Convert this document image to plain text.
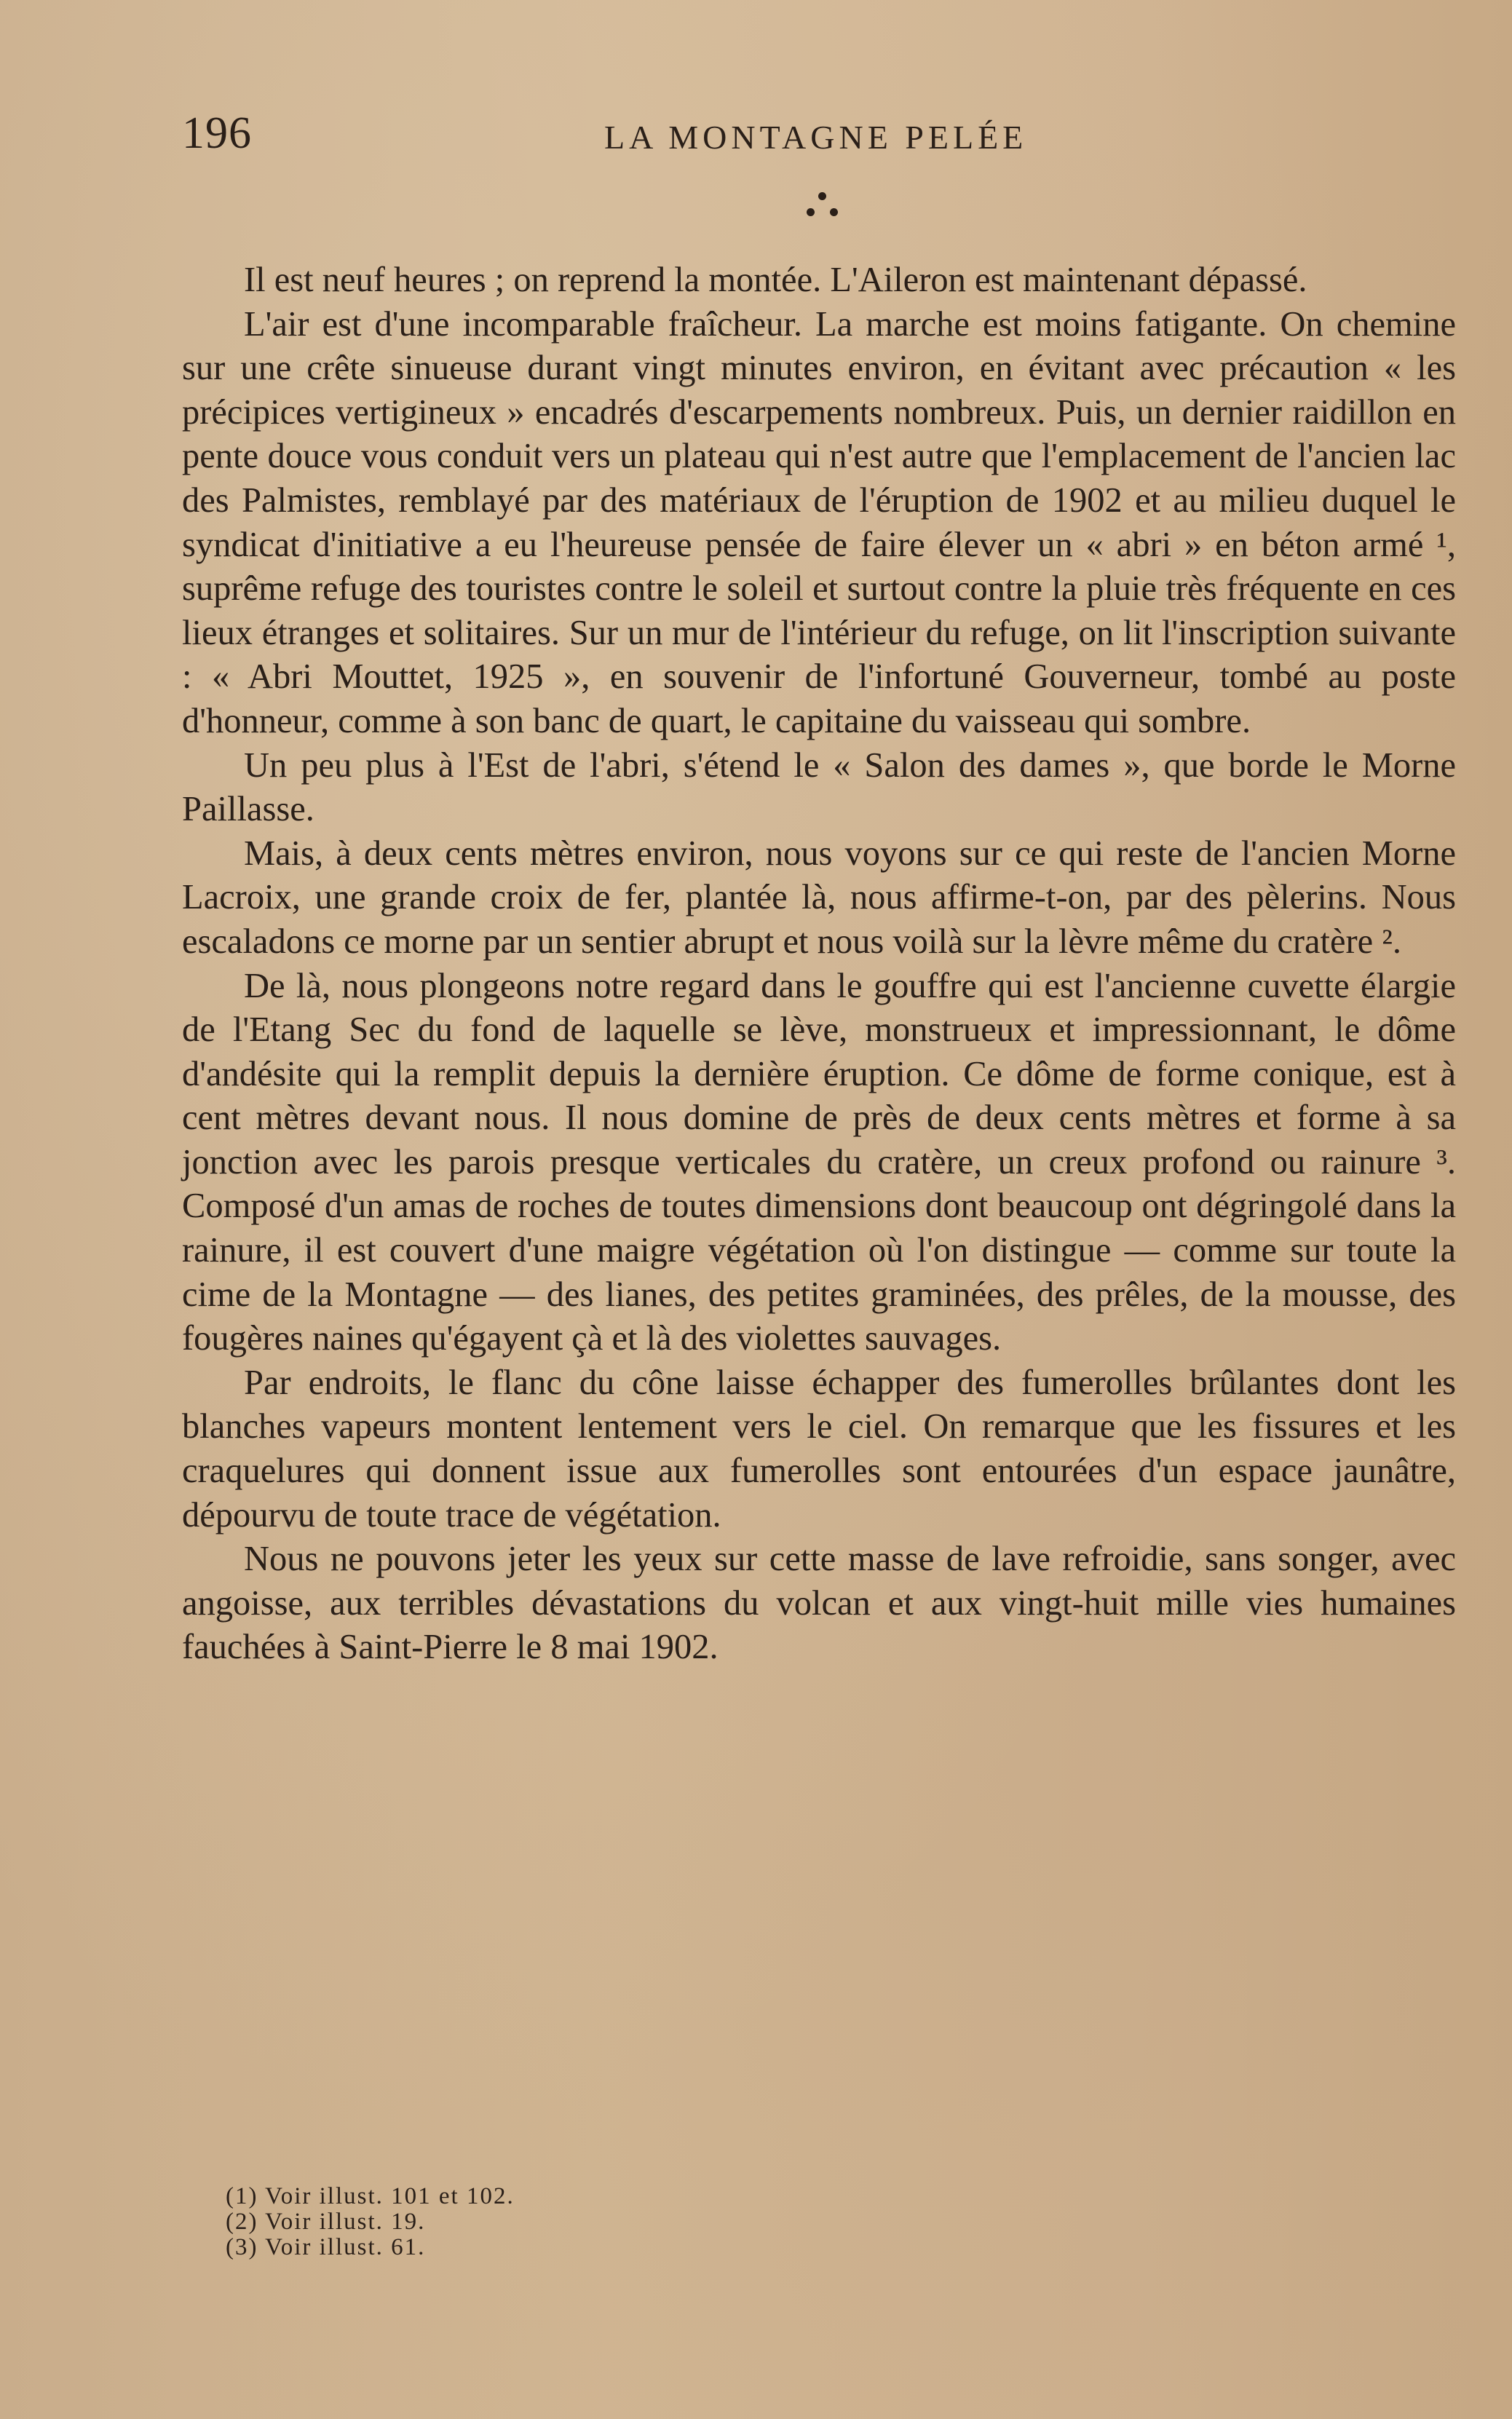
196	LA MONTAGNE PELÉE

Il est neuf heures ; on reprend la montée. L'Aileron est maintenant dépassé.

L'air est d'une incomparable fraîcheur. La marche est moins fatigante. On chemine sur une crête sinueuse durant vingt minutes environ, en évitant avec précaution « les précipices vertigineux » encadrés d'escarpements nombreux. Puis, un dernier raidillon en pente douce vous conduit vers un plateau qui n'est autre que l'emplacement de l'ancien lac des Palmistes, remblayé par des matériaux de l'éruption de 1902 et au milieu duquel le syndicat d'initiative a eu l'heureuse pensée de faire élever un « abri » en béton armé ¹, suprême refuge des touristes contre le soleil et surtout contre la pluie très fréquente en ces lieux étranges et solitaires. Sur un mur de l'intérieur du refuge, on lit l'inscription suivante : « Abri Mouttet, 1925 », en souvenir de l'infortuné Gouverneur, tombé au poste d'honneur, comme à son banc de quart, le capitaine du vaisseau qui sombre.

Un peu plus à l'Est de l'abri, s'étend le « Salon des dames », que borde le Morne Paillasse.

Mais, à deux cents mètres environ, nous voyons sur ce qui reste de l'ancien Morne Lacroix, une grande croix de fer, plantée là, nous affirme-t-on, par des pèlerins. Nous escaladons ce morne par un sentier abrupt et nous voilà sur la lèvre même du cratère ².

De là, nous plongeons notre regard dans le gouffre qui est l'ancienne cuvette élargie de l'Etang Sec du fond de laquelle se lève, monstrueux et impressionnant, le dôme d'andésite qui la remplit depuis la dernière éruption. Ce dôme de forme conique, est à cent mètres devant nous. Il nous domine de près de deux cents mètres et forme à sa jonction avec les parois presque verticales du cratère, un creux profond ou rainure ³. Composé d'un amas de roches de toutes dimensions dont beaucoup ont dégringolé dans la rainure, il est couvert d'une maigre végétation où l'on distingue — comme sur toute la cime de la Montagne — des lianes, des petites graminées, des prêles, de la mousse, des fougères naines qu'égayent çà et là des violettes sauvages.

Par endroits, le flanc du cône laisse échapper des fumerolles brûlantes dont les blanches vapeurs montent lentement vers le ciel. On remarque que les fissures et les craquelures qui donnent issue aux fumerolles sont entourées d'un espace jaunâtre, dépourvu de toute trace de végétation.

Nous ne pouvons jeter les yeux sur cette masse de lave refroidie, sans songer, avec angoisse, aux terribles dévastations du volcan et aux vingt-huit mille vies humaines fauchées à Saint-Pierre le 8 mai 1902.

(1) Voir illust. 101 et 102.
(2) Voir illust. 19.
(3) Voir illust. 61.
